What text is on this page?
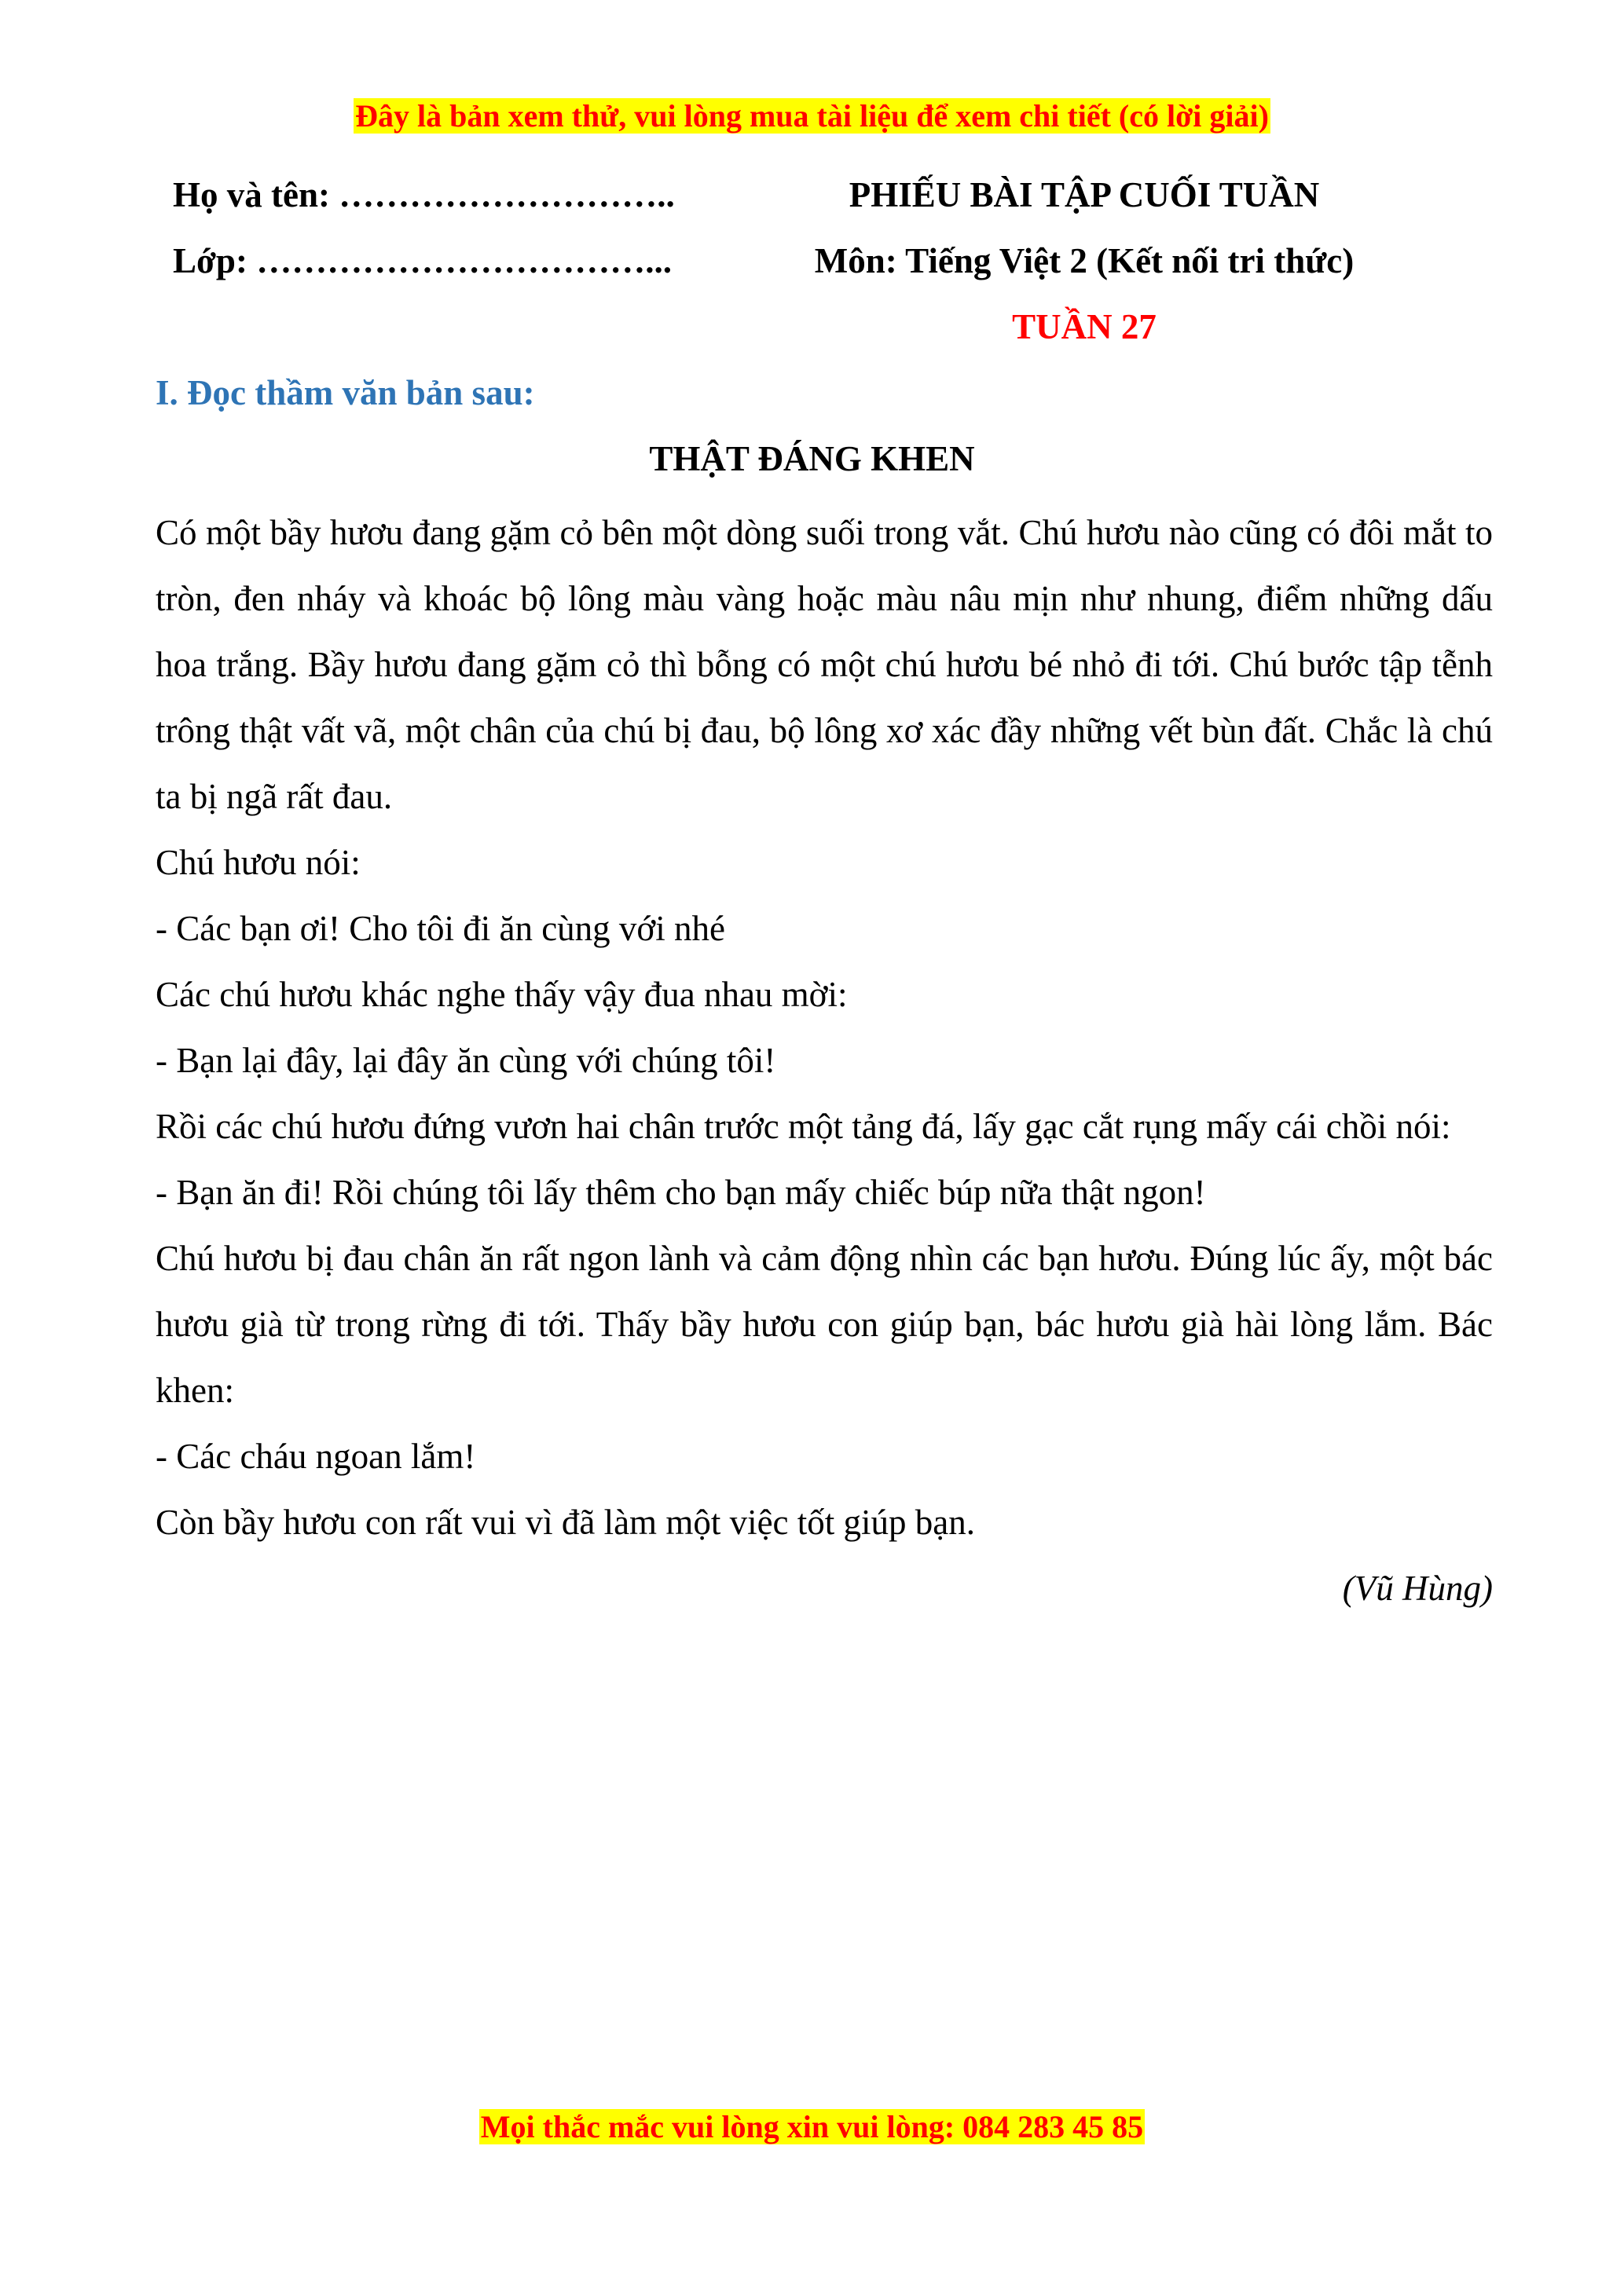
Đây là bản xem thử, vui lòng mua tài liệu để xem chi tiết (có lời giải)
Họ và tên: ………………………..	PHIẾU BÀI TẬP CUỐI TUẦN
Lớp: ……………………………...	Môn: Tiếng Việt 2 (Kết nối tri thức)
TUẦN 27
I. Đọc thầm văn bản sau:
THẬT ĐÁNG KHEN

Có một bầy hươu đang gặm cỏ bên một dòng suối trong vắt. Chú hươu nào cũng có đôi mắt to tròn, đen nháy và khoác bộ lông màu vàng hoặc màu nâu mịn như nhung, điểm những dấu hoa trắng. Bầy hươu đang gặm cỏ thì bỗng có một chú hươu bé nhỏ đi tới. Chú bước tập tễnh trông thật vất vã, một chân của chú bị đau, bộ lông xơ xác đầy những vết bùn đất. Chắc là chú ta bị ngã rất đau.

Chú hươu nói:

- Các bạn ơi! Cho tôi đi ăn cùng với nhé

Các chú hươu khác nghe thấy vậy đua nhau mời:

- Bạn lại đây, lại đây ăn cùng với chúng tôi!

Rồi các chú hươu đứng vươn hai chân trước một tảng đá, lấy gạc cắt rụng mấy cái chồi nói:

- Bạn ăn đi! Rồi chúng tôi lấy thêm cho bạn mấy chiếc búp nữa thật ngon!

Chú hươu bị đau chân ăn rất ngon lành và cảm động nhìn các bạn hươu. Đúng lúc ấy, một bác hươu già từ trong rừng đi tới. Thấy bầy hươu con giúp bạn, bác hươu già hài lòng lắm. Bác khen:

- Các cháu ngoan lắm!

Còn bầy hươu con rất vui vì đã làm một việc tốt giúp bạn.

(Vũ Hùng)

Mọi thắc mắc vui lòng xin vui lòng: 084 283 45 85
